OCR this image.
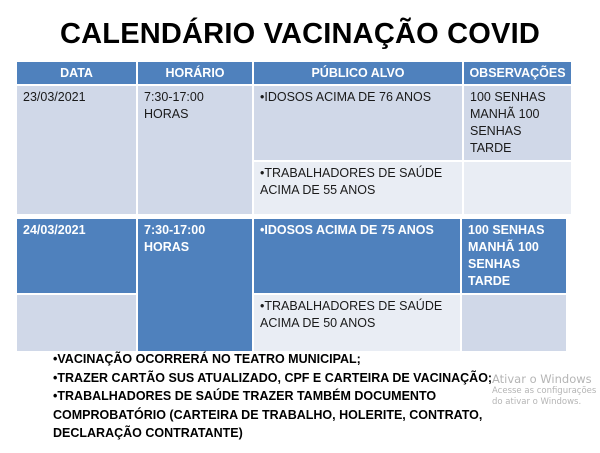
CALENDÁRIO VACINAÇÃO COVID
DATA	HORÁRIO	PÚBLICO ALVO	OBSERVAÇÕES
23/03/2021	7:30-17:00 HORAS	•IDOSOS ACIMA DE 76 ANOS	100 SENHAS MANHÃ 100 SENHAS TARDE
		•TRABALHADORES DE SAÚDE ACIMA DE 55 ANOS	
24/03/2021	7:30-17:00 HORAS	•IDOSOS ACIMA DE 75 ANOS	100 SENHAS MANHÃ 100 SENHAS TARDE
		•TRABALHADORES DE SAÚDE ACIMA DE 50 ANOS	
•VACINAÇÃO OCORRERÁ NO TEATRO MUNICIPAL;
•TRAZER CARTÃO SUS ATUALIZADO, CPF E CARTEIRA DE VACINAÇÃO;
•TRABALHADORES DE SAÚDE TRAZER TAMBÉM DOCUMENTO
COMPROBATÓRIO (CARTEIRA DE TRABALHO, HOLERITE, CONTRATO,
DECLARAÇÃO CONTRATANTE)
Ativar o Windows
Acesse as configurações do ativar o Windows.
